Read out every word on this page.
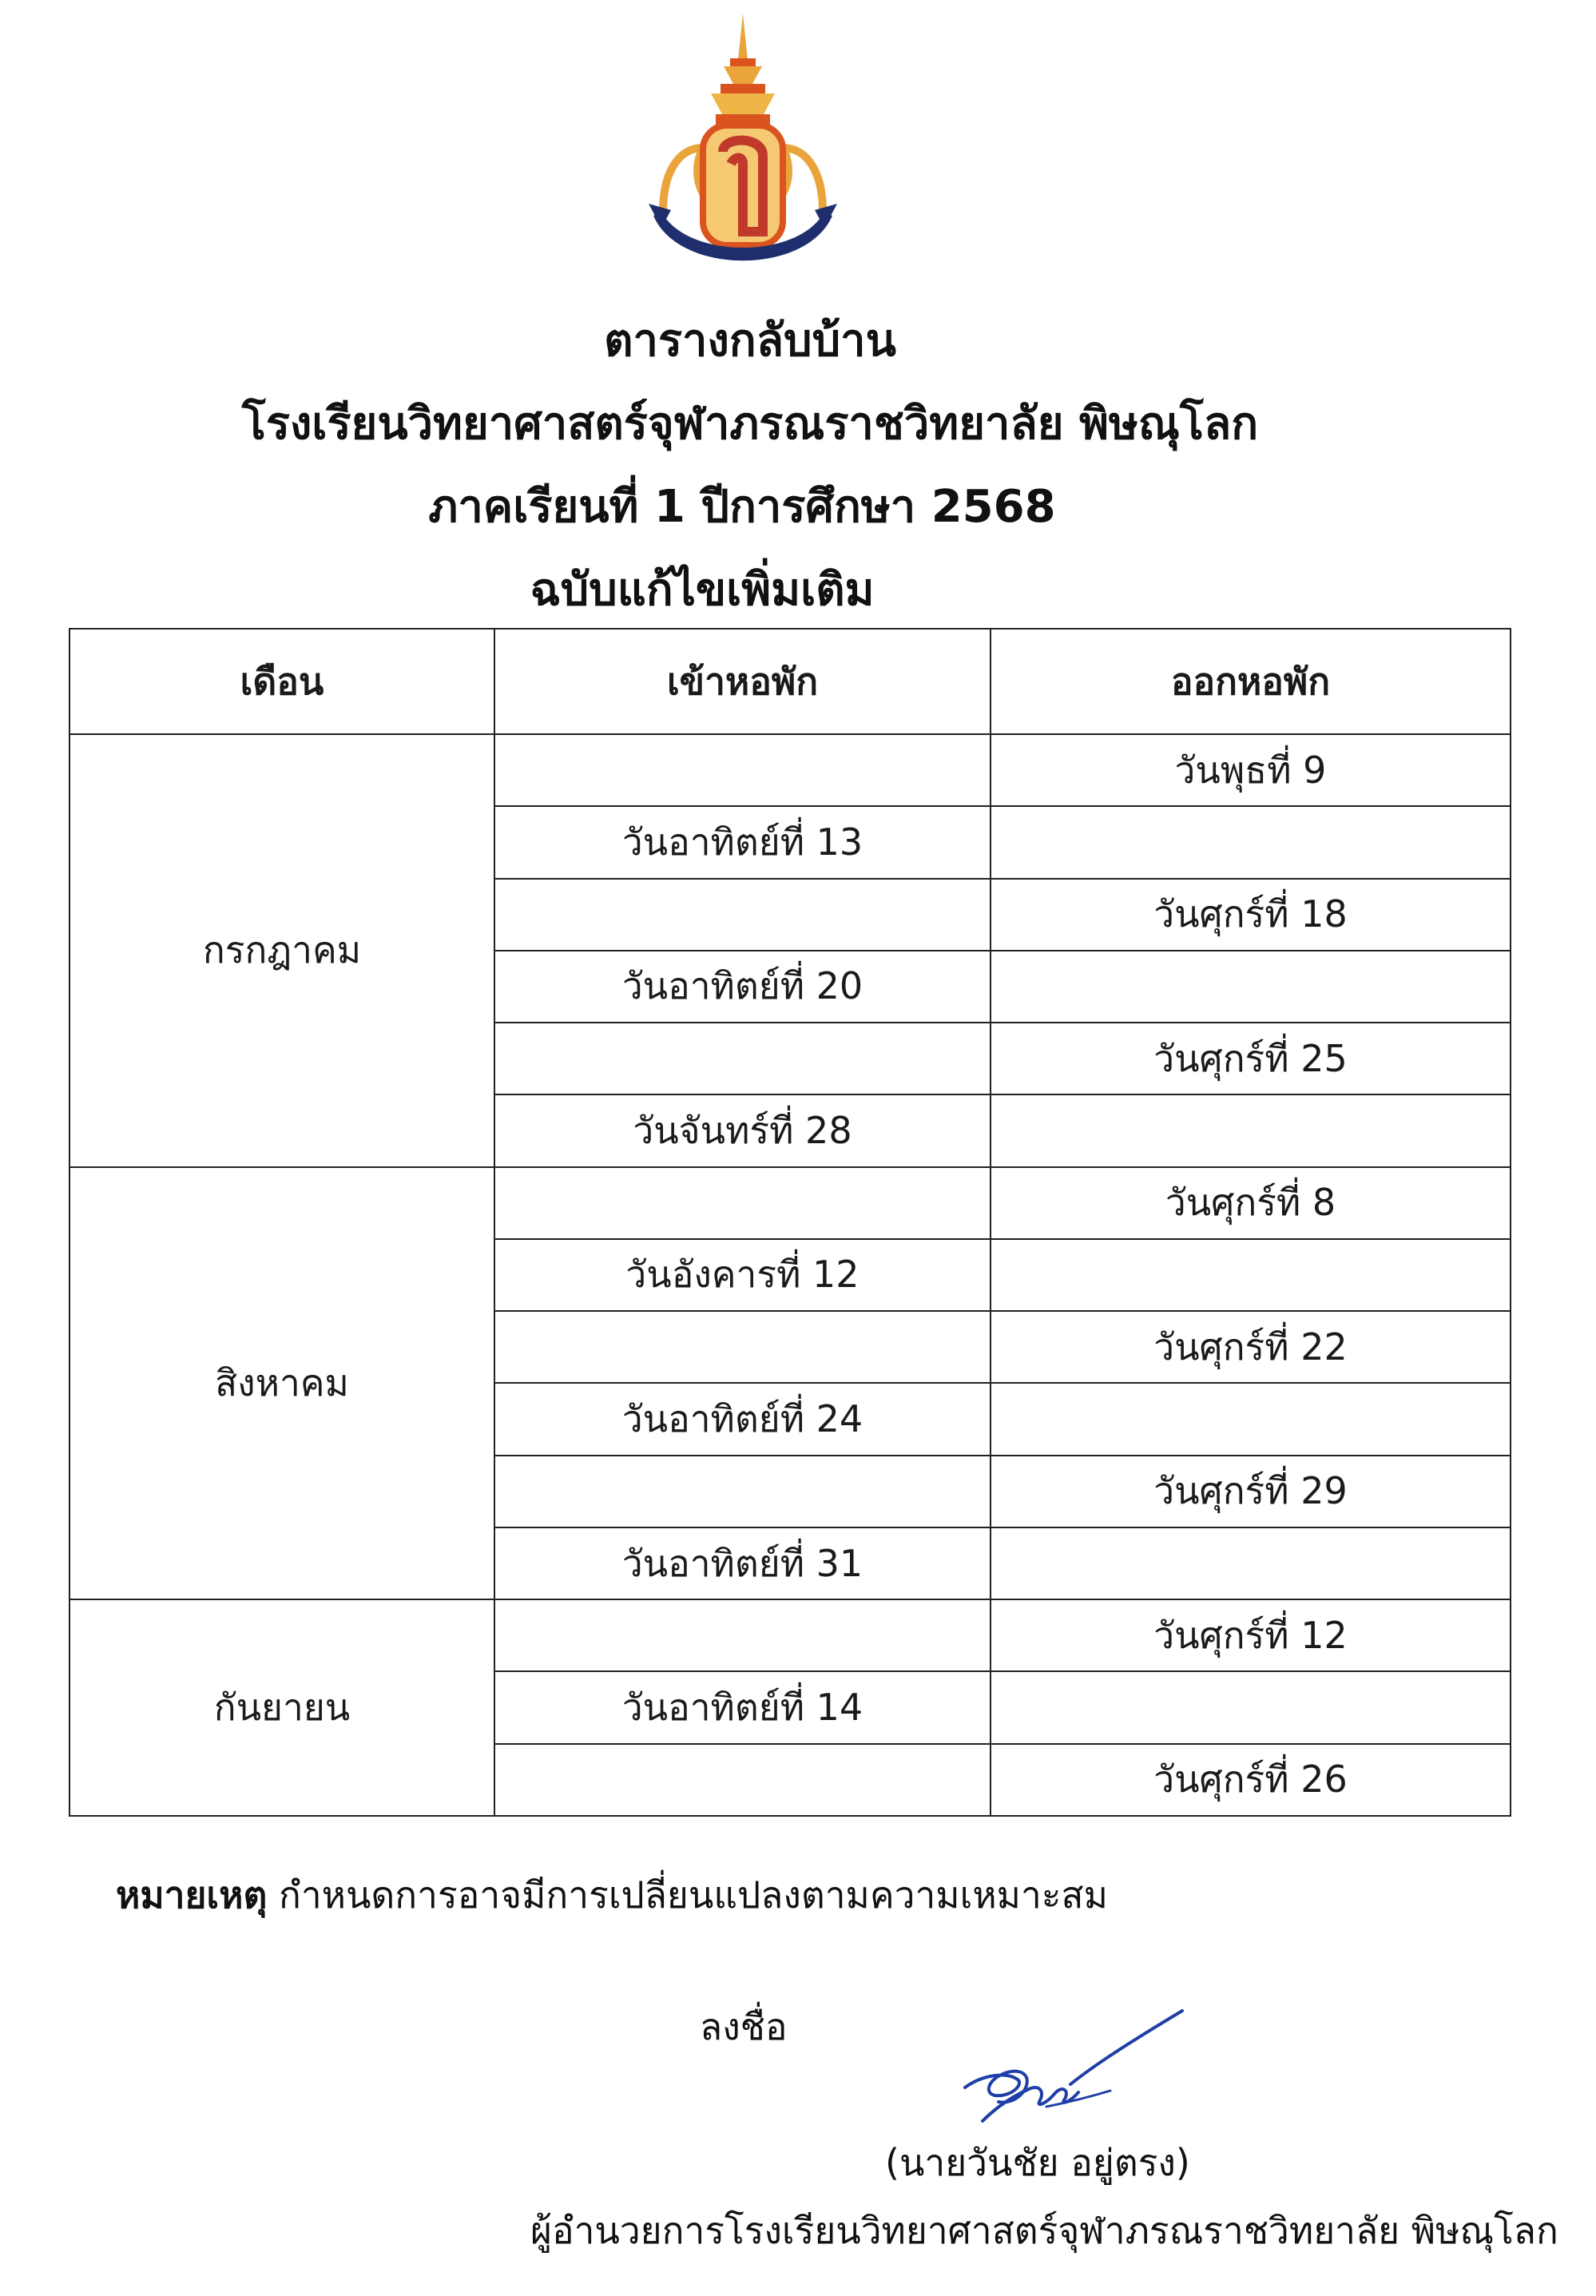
ตารางกลับบ้าน
โรงเรียนวิทยาศาสตร์จุฬาภรณราชวิทยาลัย พิษณุโลก
ภาคเรียนที่ 1 ปีการศึกษา 2568
ฉบับแก้ไขเพิ่มเติม
เดือน	เข้าหอพัก	ออกหอพัก
กรกฎาคม		วันพุธที่ 9
	วันอาทิตย์ที่ 13	
		วันศุกร์ที่ 18
	วันอาทิตย์ที่ 20	
		วันศุกร์ที่ 25
	วันจันทร์ที่ 28	
สิงหาคม		วันศุกร์ที่ 8
	วันอังคารที่ 12	
		วันศุกร์ที่ 22
	วันอาทิตย์ที่ 24	
		วันศุกร์ที่ 29
	วันอาทิตย์ที่ 31	
กันยายน		วันศุกร์ที่ 12
	วันอาทิตย์ที่ 14	
		วันศุกร์ที่ 26
หมายเหตุ กำหนดการอาจมีการเปลี่ยนแปลงตามความเหมาะสม
ลงชื่อ
(นายวันชัย อยู่ตรง)
ผู้อำนวยการโรงเรียนวิทยาศาสตร์จุฬาภรณราชวิทยาลัย พิษณุโลก
